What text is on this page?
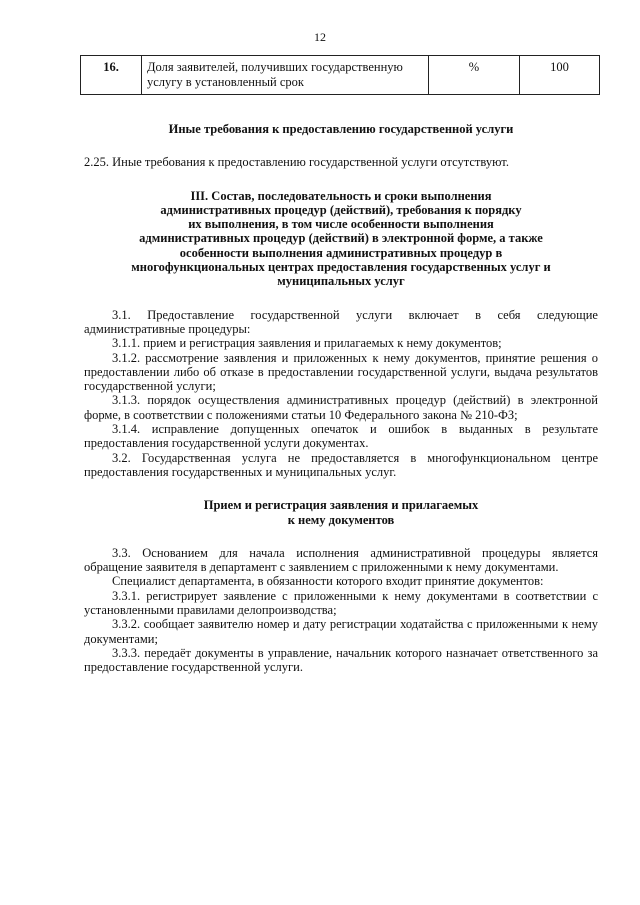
12
16.	Доля заявителей, получивших государственную услугу в установленный срок	%	100
Иные требования к предоставлению государственной услуги

2.25. Иные требования к предоставлению государственной услуги отсутствуют.

III. Состав, последовательность и сроки выполнения
административных процедур (действий), требования к порядку
их выполнения, в том числе особенности выполнения
административных процедур (действий) в электронной форме, а также
особенности выполнения административных процедур в
многофункциональных центрах предоставления государственных услуг и
муниципальных услуг

3.1. Предоставление государственной услуги включает в себя следующие административные процедуры:

3.1.1. прием и регистрация заявления и прилагаемых к нему документов;

3.1.2. рассмотрение заявления и приложенных к нему документов, принятие решения о предоставлении либо об отказе в предоставлении государственной услуги, выдача результатов государственной услуги;

3.1.3. порядок осуществления административных процедур (действий) в электронной форме, в соответствии с положениями статьи 10 Федерального закона № 210-ФЗ;

3.1.4. исправление допущенных опечаток и ошибок в выданных в результате предоставления государственной услуги документах.

3.2. Государственная услуга не предоставляется в многофункциональном центре предоставления государственных и муниципальных услуг.

Прием и регистрация заявления и прилагаемых
к нему документов

3.3. Основанием для начала исполнения административной процедуры является обращение заявителя в департамент с заявлением с приложенными к нему документами.

Специалист департамента, в обязанности которого входит принятие документов:

3.3.1. регистрирует заявление с приложенными к нему документами в соответствии с установленными правилами делопроизводства;

3.3.2. сообщает заявителю номер и дату регистрации ходатайства с приложенными к нему документами;

3.3.3. передаёт документы в управление, начальник которого назначает ответственного за предоставление государственной услуги.
